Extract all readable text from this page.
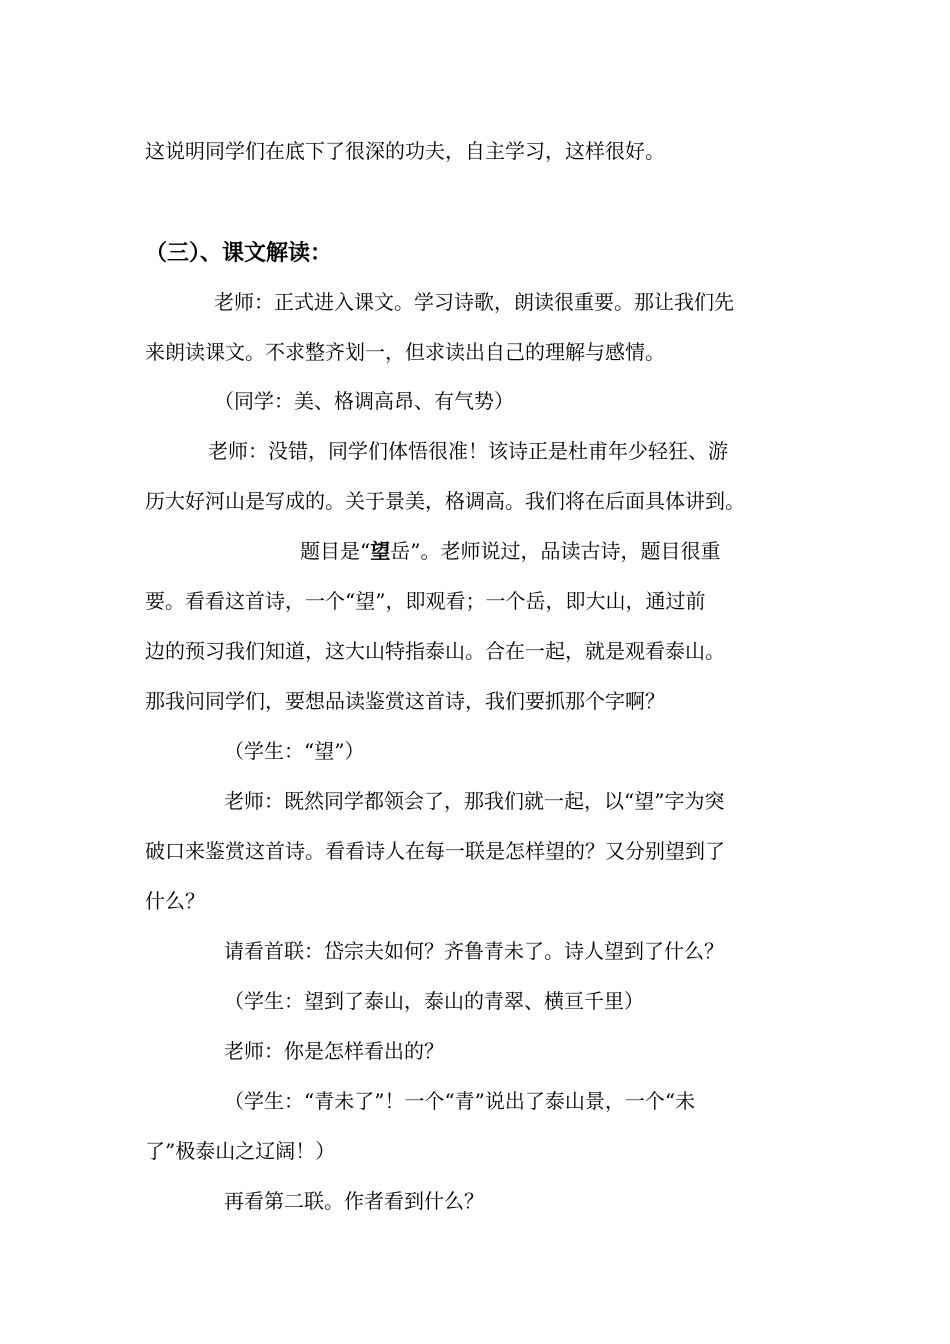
这说明同学们在底下了很深的功夫，自主学习，这样很好。
（三）、课文解读：
老师：正式进入课文。学习诗歌，朗读很重要。那让我们先
来朗读课文。不求整齐划一，但求读出自己的理解与感情。
（同学：美、格调高昂、有气势）
老师：没错，同学们体悟很准！该诗正是杜甫年少轻狂、游
历大好河山是写成的。关于景美，格调高。我们将在后面具体讲到。
题目是“望岳”。老师说过，品读古诗，题目很重
要。看看这首诗，一个“望”，即观看；一个岳，即大山，通过前
边的预习我们知道，这大山特指泰山。合在一起，就是观看泰山。
那我问同学们，要想品读鉴赏这首诗，我们要抓那个字啊？
（学生：“望”）
老师：既然同学都领会了，那我们就一起，以“望”字为突
破口来鉴赏这首诗。看看诗人在每一联是怎样望的？又分别望到了
什么？
请看首联：岱宗夫如何？齐鲁青未了。诗人望到了什么？
（学生：望到了泰山，泰山的青翠、横亘千里）
老师：你是怎样看出的？
（学生：“青未了”！一个“青”说出了泰山景，一个“未
了”极泰山之辽阔！）
再看第二联。作者看到什么？
